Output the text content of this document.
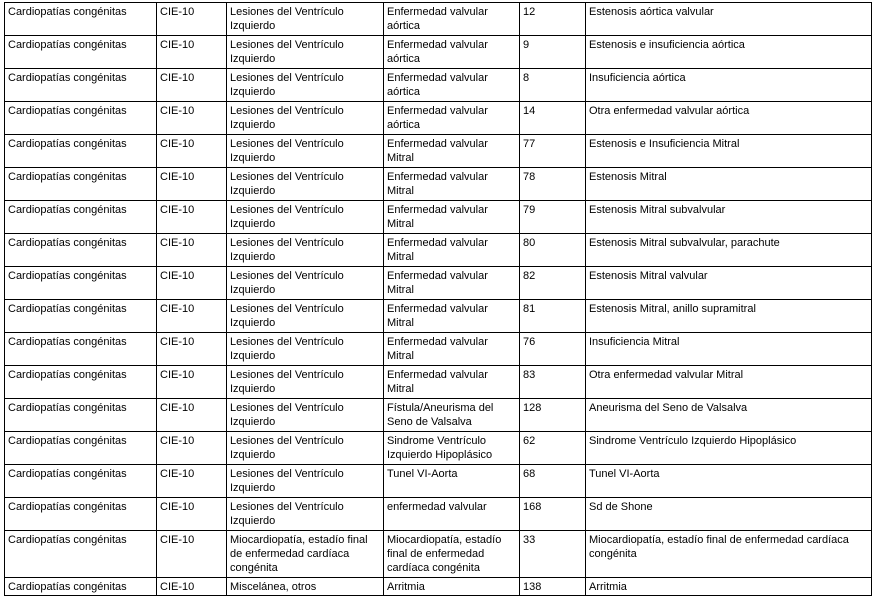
Cardiopatías congénitas	CIE-10	Lesiones del Ventrículo Izquierdo	Enfermedad valvular aórtica	12	Estenosis aórtica valvular
Cardiopatías congénitas	CIE-10	Lesiones del Ventrículo Izquierdo	Enfermedad valvular aórtica	9	Estenosis e insuficiencia aórtica
Cardiopatías congénitas	CIE-10	Lesiones del Ventrículo Izquierdo	Enfermedad valvular aórtica	8	Insuficiencia aórtica
Cardiopatías congénitas	CIE-10	Lesiones del Ventrículo Izquierdo	Enfermedad valvular aórtica	14	Otra enfermedad valvular aórtica
Cardiopatías congénitas	CIE-10	Lesiones del Ventrículo Izquierdo	Enfermedad valvular Mitral	77	Estenosis e Insuficiencia Mitral
Cardiopatías congénitas	CIE-10	Lesiones del Ventrículo Izquierdo	Enfermedad valvular Mitral	78	Estenosis Mitral
Cardiopatías congénitas	CIE-10	Lesiones del Ventrículo Izquierdo	Enfermedad valvular Mitral	79	Estenosis Mitral subvalvular
Cardiopatías congénitas	CIE-10	Lesiones del Ventrículo Izquierdo	Enfermedad valvular Mitral	80	Estenosis Mitral subvalvular, parachute
Cardiopatías congénitas	CIE-10	Lesiones del Ventrículo Izquierdo	Enfermedad valvular Mitral	82	Estenosis Mitral valvular
Cardiopatías congénitas	CIE-10	Lesiones del Ventrículo Izquierdo	Enfermedad valvular Mitral	81	Estenosis Mitral, anillo supramitral
Cardiopatías congénitas	CIE-10	Lesiones del Ventrículo Izquierdo	Enfermedad valvular Mitral	76	Insuficiencia Mitral
Cardiopatías congénitas	CIE-10	Lesiones del Ventrículo Izquierdo	Enfermedad valvular Mitral	83	Otra enfermedad valvular Mitral
Cardiopatías congénitas	CIE-10	Lesiones del Ventrículo Izquierdo	Fístula/Aneurisma del Seno de Valsalva	128	Aneurisma del Seno de Valsalva
Cardiopatías congénitas	CIE-10	Lesiones del Ventrículo Izquierdo	Sindrome Ventrículo Izquierdo Hipoplásico	62	Sindrome Ventrículo Izquierdo Hipoplásico
Cardiopatías congénitas	CIE-10	Lesiones del Ventrículo Izquierdo	Tunel VI-Aorta	68	Tunel VI-Aorta
Cardiopatías congénitas	CIE-10	Lesiones del Ventrículo Izquierdo	enfermedad valvular	168	Sd de Shone
Cardiopatías congénitas	CIE-10	Miocardiopatía, estadío final de enfermedad cardíaca congénita	Miocardiopatía, estadío final de enfermedad cardíaca congénita	33	Miocardiopatía, estadío final de enfermedad cardíaca congénita
Cardiopatías congénitas	CIE-10	Miscelánea, otros	Arritmia	138	Arritmia
